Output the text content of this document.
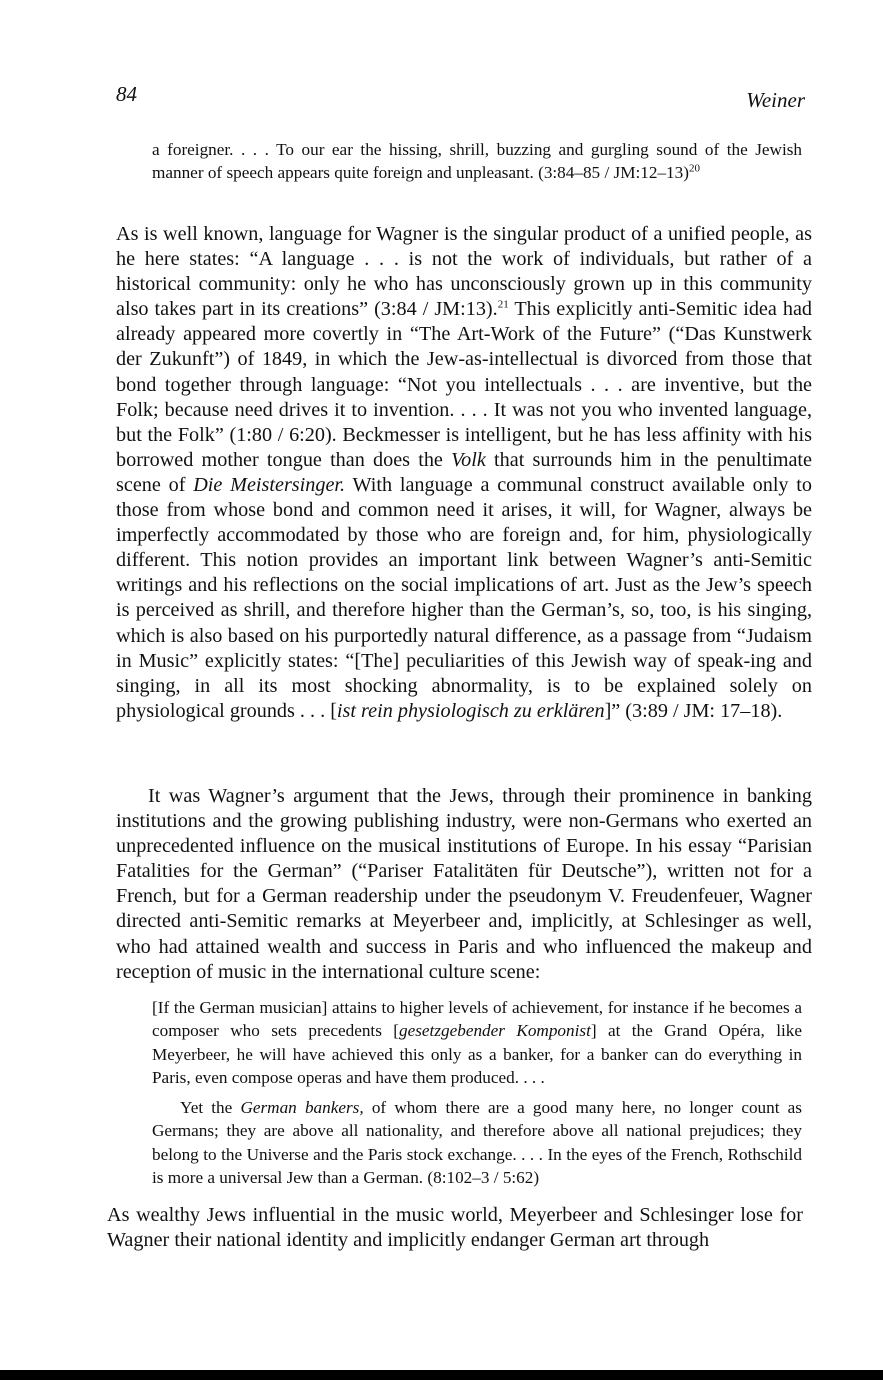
84	Weiner

a foreigner. . . . To our ear the hissing, shrill, buzzing and gurgling sound of the Jewish manner of speech appears quite foreign and unpleasant. (3:84–85 / JM:12–13)$^{20}$

As is well known, language for Wagner is the singular product of a unified people, as he here states: “A language . . . is not the work of individuals, but rather of a historical community: only he who has unconsciously grown up in this community also takes part in its creations” (3:84 / JM:13).$^{21}$ This explicitly anti-Semitic idea had already appeared more covertly in “The Art-Work of the Future” (“Das Kunstwerk der Zukunft”) of 1849, in which the Jew-as-intellectual is divorced from those that bond together through language: “Not you intellectuals . . . are inventive, but the Folk; because need drives it to invention. . . . It was not you who invented language, but the Folk” (1:80 / 6:20). Beckmesser is intelligent, but he has less affinity with his borrowed mother tongue than does the Volk that surrounds him in the penultimate scene of Die Meistersinger. With language a communal construct available only to those from whose bond and common need it arises, it will, for Wagner, always be imperfectly accommodated by those who are foreign and, for him, physiologically different. This notion provides an important link between Wagner’s anti-Semitic writings and his reflections on the social implications of art. Just as the Jew’s speech is perceived as shrill, and therefore higher than the German’s, so, too, is his singing, which is also based on his purportedly natural difference, as a passage from “Judaism in Music” explicitly states: “[The] peculiarities of this Jewish way of speak-ing and singing, in all its most shocking abnormality, is to be explained solely on physiological grounds . . . [ist rein physiologisch zu erklären]” (3:89 / JM: 17–18).

It was Wagner’s argument that the Jews, through their prominence in banking institutions and the growing publishing industry, were non-Germans who exerted an unprecedented influence on the musical institutions of Europe. In his essay “Parisian Fatalities for the German” (“Pariser Fatalitäten für Deutsche”), written not for a French, but for a German readership under the pseudonym V. Freudenfeuer, Wagner directed anti-Semitic remarks at Meyerbeer and, implicitly, at Schlesinger as well, who had attained wealth and success in Paris and who influenced the makeup and reception of music in the international culture scene:

[If the German musician] attains to higher levels of achievement, for instance if he becomes a composer who sets precedents [gesetzgebender Komponist] at the Grand Opéra, like Meyerbeer, he will have achieved this only as a banker, for a banker can do everything in Paris, even compose operas and have them produced. . . .

Yet the German bankers, of whom there are a good many here, no longer count as Germans; they are above all nationality, and therefore above all national prejudices; they belong to the Universe and the Paris stock exchange. . . . In the eyes of the French, Rothschild is more a universal Jew than a German. (8:102–3 / 5:62)

As wealthy Jews influential in the music world, Meyerbeer and Schlesinger lose for Wagner their national identity and implicitly endanger German art through
